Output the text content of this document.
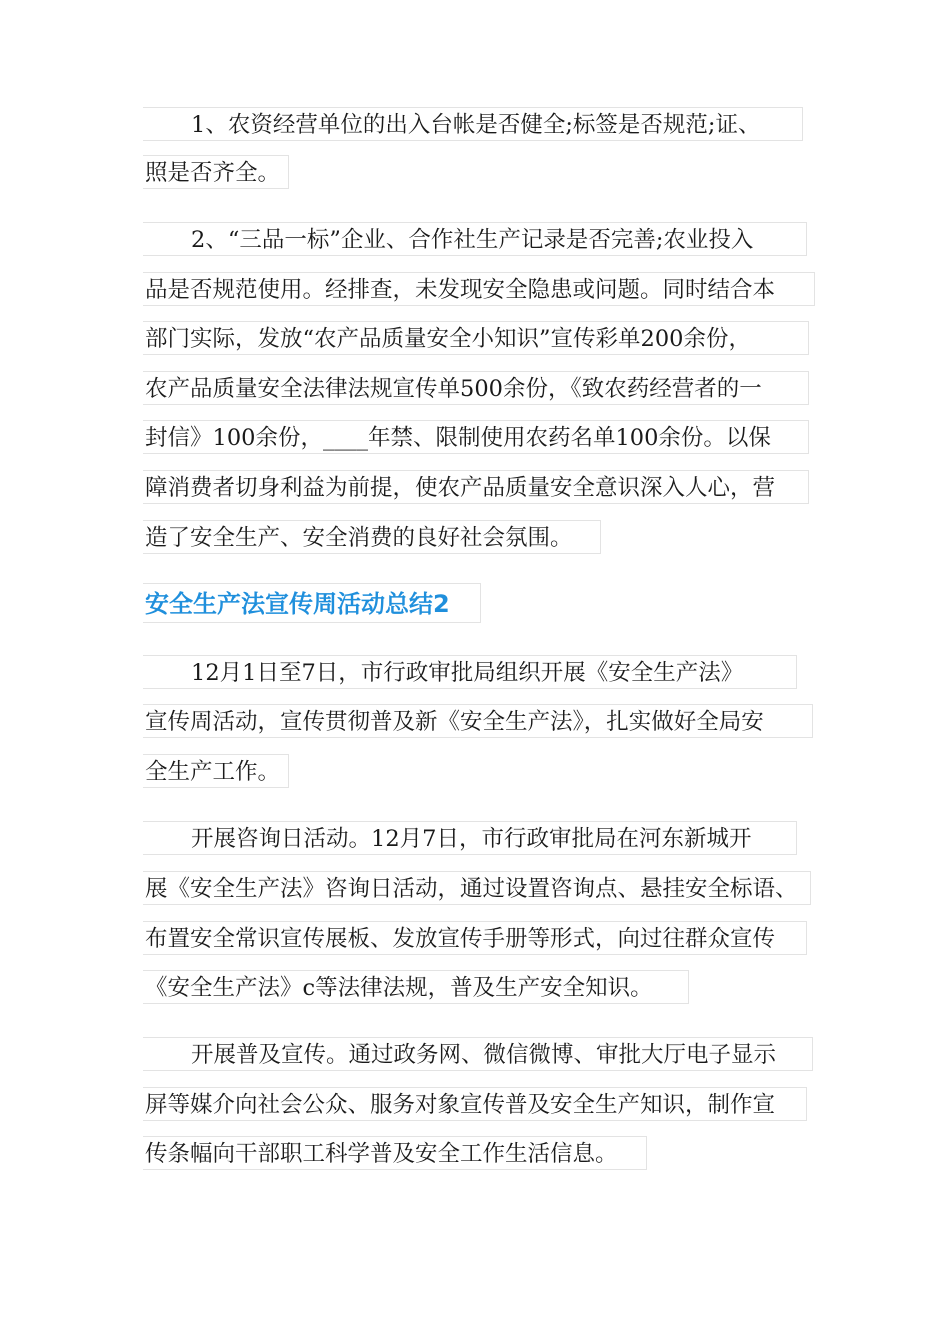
1、农资经营单位的出入台帐是否健全;标签是否规范;证、
照是否齐全。
2、“三品一标”企业、合作社生产记录是否完善;农业投入
品是否规范使用。经排查，未发现安全隐患或问题。同时结合本
部门实际，发放“农产品质量安全小知识”宣传彩单200余份，
农产品质量安全法律法规宣传单500余份，《致农药经营者的一
封信》100余份，____年禁、限制使用农药名单100余份。以保
障消费者切身利益为前提，使农产品质量安全意识深入人心，营
造了安全生产、安全消费的良好社会氛围。
安全生产法宣传周活动总结2
12月1日至7日，市行政审批局组织开展《安全生产法》
宣传周活动，宣传贯彻普及新《安全生产法》，扎实做好全局安
全生产工作。
开展咨询日活动。12月7日，市行政审批局在河东新城开
展《安全生产法》咨询日活动，通过设置咨询点、悬挂安全标语、
布置安全常识宣传展板、发放宣传手册等形式，向过往群众宣传
《安全生产法》c等法律法规，普及生产安全知识。
开展普及宣传。通过政务网、微信微博、审批大厅电子显示
屏等媒介向社会公众、服务对象宣传普及安全生产知识，制作宣
传条幅向干部职工科学普及安全工作生活信息。
